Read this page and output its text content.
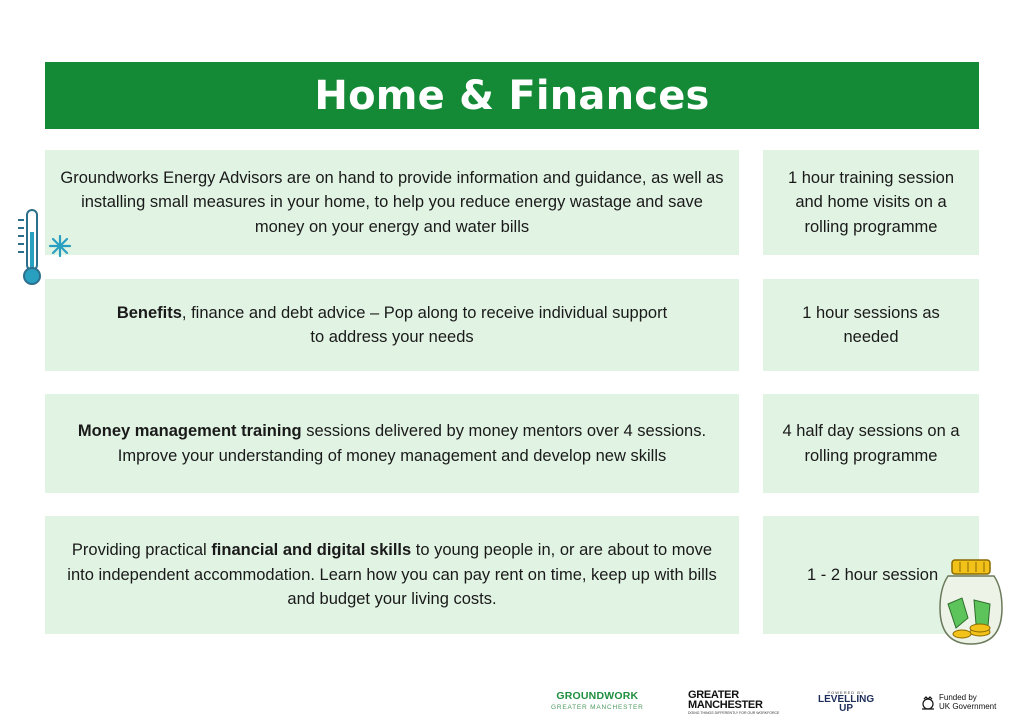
Home & Finances
Groundworks Energy Advisors are on hand to provide information and guidance, as well as installing small measures in your home, to help you reduce energy wastage and save money on your energy and water bills
1 hour training session and home visits on a rolling programme
Benefits, finance and debt advice – Pop along to receive individual support to address your needs
1 hour sessions as needed
Money management training sessions delivered by money mentors over 4 sessions. Improve your understanding of money management and develop new skills
4 half day sessions on a rolling programme
Providing practical financial and digital skills to young people in, or are about to move into independent accommodation. Learn how you can pay rent on time, keep up with bills and budget your living costs.
1 - 2 hour session
GROUNDWORK
GREATER MANCHESTER
GREATER
MANCHESTER
DOING THINGS DIFFERENTLY FOR OUR WORKFORCE
POWERED BY
LEVELLING
UP
Funded by
UK Government
